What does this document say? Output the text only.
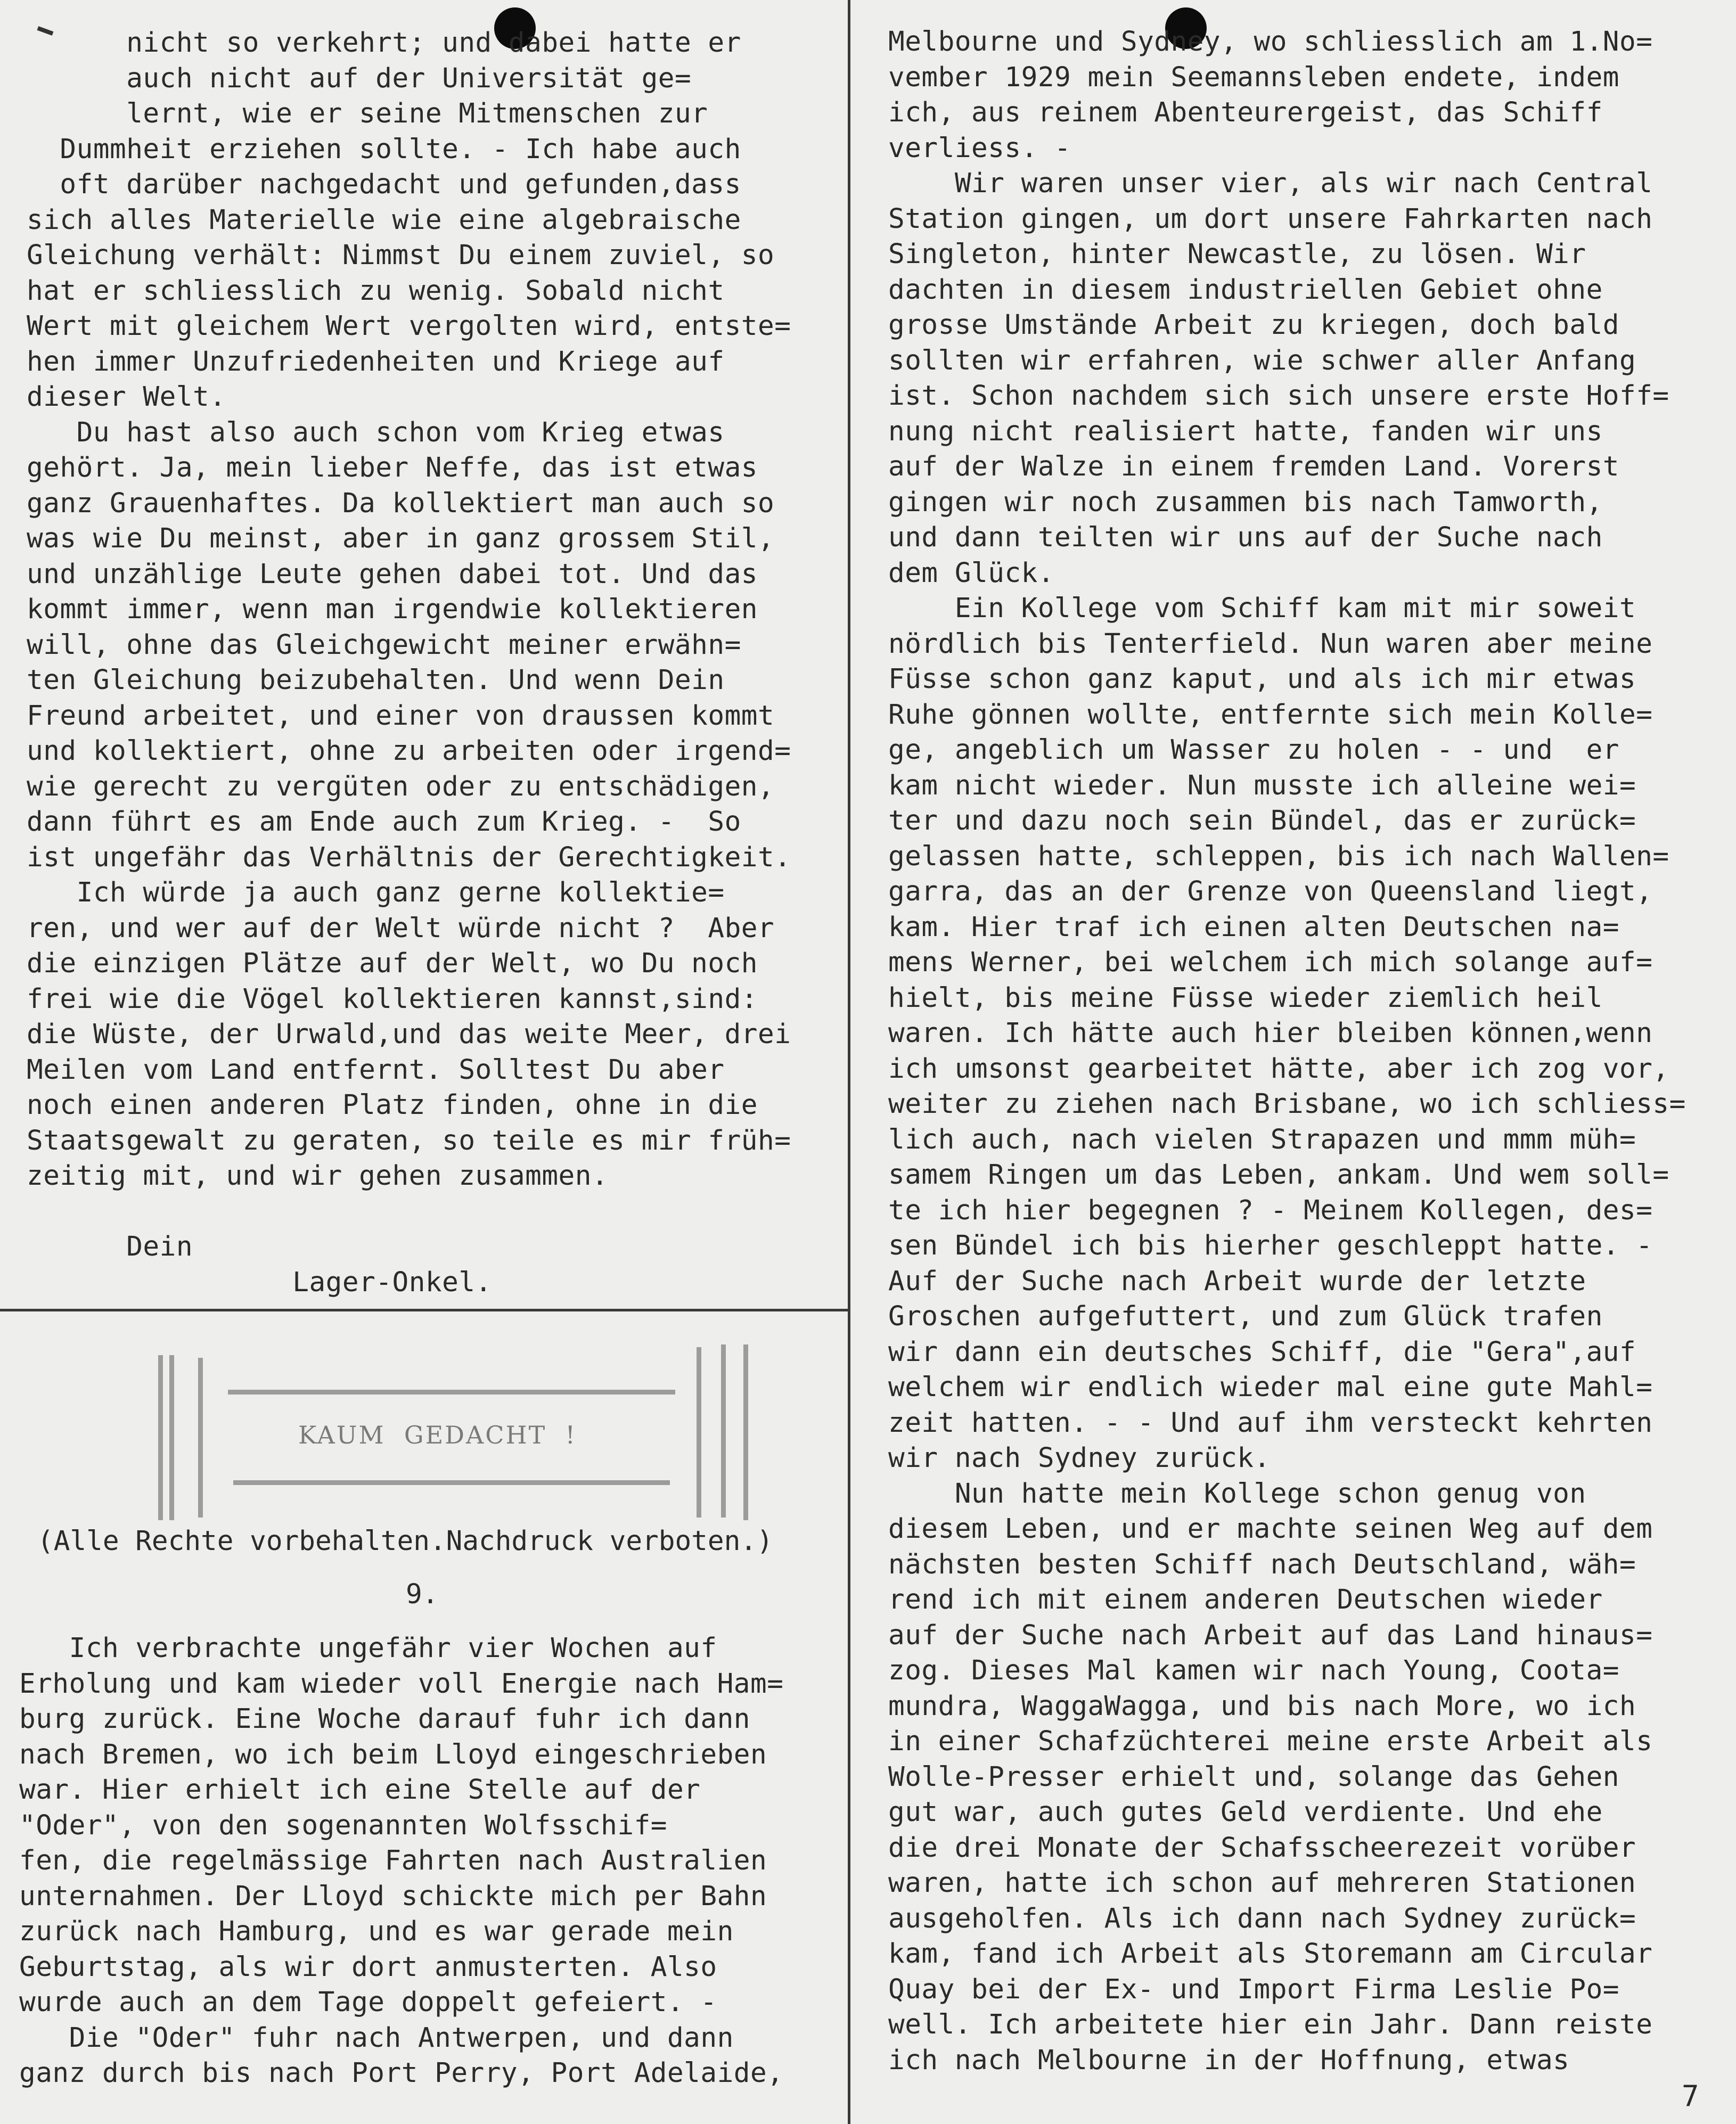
nicht so verkehrt; und dabei hatte er
auch nicht auf der Universität ge=
lernt, wie er seine Mitmenschen zur
Dummheit erziehen sollte. - Ich habe auch
oft darüber nachgedacht und gefunden,dass
sich alles Materielle wie eine algebraische
Gleichung verhält: Nimmst Du einem zuviel, so
hat er schliesslich zu wenig. Sobald nicht
Wert mit gleichem Wert vergolten wird, entste=
hen immer Unzufriedenheiten und Kriege auf
dieser Welt.
Du hast also auch schon vom Krieg etwas
gehört. Ja, mein lieber Neffe, das ist etwas
ganz Grauenhaftes. Da kollektiert man auch so
was wie Du meinst, aber in ganz grossem Stil,
und unzählige Leute gehen dabei tot. Und das
kommt immer, wenn man irgendwie kollektieren
will, ohne das Gleichgewicht meiner erwähn=
ten Gleichung beizubehalten. Und wenn Dein
Freund arbeitet, und einer von draussen kommt
und kollektiert, ohne zu arbeiten oder irgend=
wie gerecht zu vergüten oder zu entschädigen,
dann führt es am Ende auch zum Krieg. -  So
ist ungefähr das Verhältnis der Gerechtigkeit.
Ich würde ja auch ganz gerne kollektie=
ren, und wer auf der Welt würde nicht ?  Aber
die einzigen Plätze auf der Welt, wo Du noch
frei wie die Vögel kollektieren kannst,sind:
die Wüste, der Urwald,und das weite Meer, drei
Meilen vom Land entfernt. Solltest Du aber
noch einen anderen Platz finden, ohne in die
Staatsgewalt zu geraten, so teile es mir früh=
zeitig mit, und wir gehen zusammen.
Dein
Lager-Onkel.
KAUM  GEDACHT  !
(Alle Rechte vorbehalten.Nachdruck verboten.)
9.
Ich verbrachte ungefähr vier Wochen auf
Erholung und kam wieder voll Energie nach Ham=
burg zurück. Eine Woche darauf fuhr ich dann
nach Bremen, wo ich beim Lloyd eingeschrieben
war. Hier erhielt ich eine Stelle auf der
"Oder", von den sogenannten Wolfsschif=
fen, die regelmässige Fahrten nach Australien
unternahmen. Der Lloyd schickte mich per Bahn
zurück nach Hamburg, und es war gerade mein
Geburtstag, als wir dort anmusterten. Also
wurde auch an dem Tage doppelt gefeiert. -
Die "Oder" fuhr nach Antwerpen, und dann
ganz durch bis nach Port Perry, Port Adelaide,
Melbourne und Sydney, wo schliesslich am 1.No=
vember 1929 mein Seemannsleben endete, indem
ich, aus reinem Abenteurergeist, das Schiff
verliess. -
Wir waren unser vier, als wir nach Central
Station gingen, um dort unsere Fahrkarten nach
Singleton, hinter Newcastle, zu lösen. Wir
dachten in diesem industriellen Gebiet ohne
grosse Umstände Arbeit zu kriegen, doch bald
sollten wir erfahren, wie schwer aller Anfang
ist. Schon nachdem sich sich unsere erste Hoff=
nung nicht realisiert hatte, fanden wir uns
auf der Walze in einem fremden Land. Vorerst
gingen wir noch zusammen bis nach Tamworth,
und dann teilten wir uns auf der Suche nach
dem Glück.
Ein Kollege vom Schiff kam mit mir soweit
nördlich bis Tenterfield. Nun waren aber meine
Füsse schon ganz kaput, und als ich mir etwas
Ruhe gönnen wollte, entfernte sich mein Kolle=
ge, angeblich um Wasser zu holen - - und  er
kam nicht wieder. Nun musste ich alleine wei=
ter und dazu noch sein Bündel, das er zurück=
gelassen hatte, schleppen, bis ich nach Wallen=
garra, das an der Grenze von Queensland liegt,
kam. Hier traf ich einen alten Deutschen na=
mens Werner, bei welchem ich mich solange auf=
hielt, bis meine Füsse wieder ziemlich heil
waren. Ich hätte auch hier bleiben können,wenn
ich umsonst gearbeitet hätte, aber ich zog vor,
weiter zu ziehen nach Brisbane, wo ich schliess=
lich auch, nach vielen Strapazen und mmm müh=
samem Ringen um das Leben, ankam. Und wem soll=
te ich hier begegnen ? - Meinem Kollegen, des=
sen Bündel ich bis hierher geschleppt hatte. -
Auf der Suche nach Arbeit wurde der letzte
Groschen aufgefuttert, und zum Glück trafen
wir dann ein deutsches Schiff, die "Gera",auf
welchem wir endlich wieder mal eine gute Mahl=
zeit hatten. - - Und auf ihm versteckt kehrten
wir nach Sydney zurück.
Nun hatte mein Kollege schon genug von
diesem Leben, und er machte seinen Weg auf dem
nächsten besten Schiff nach Deutschland, wäh=
rend ich mit einem anderen Deutschen wieder
auf der Suche nach Arbeit auf das Land hinaus=
zog. Dieses Mal kamen wir nach Young, Coota=
mundra, WaggaWagga, und bis nach More, wo ich
in einer Schafzüchterei meine erste Arbeit als
Wolle-Presser erhielt und, solange das Gehen
gut war, auch gutes Geld verdiente. Und ehe
die drei Monate der Schafsscheerezeit vorüber
waren, hatte ich schon auf mehreren Stationen
ausgeholfen. Als ich dann nach Sydney zurück=
kam, fand ich Arbeit als Storemann am Circular
Quay bei der Ex- und Import Firma Leslie Po=
well. Ich arbeitete hier ein Jahr. Dann reiste
ich nach Melbourne in der Hoffnung, etwas
7
